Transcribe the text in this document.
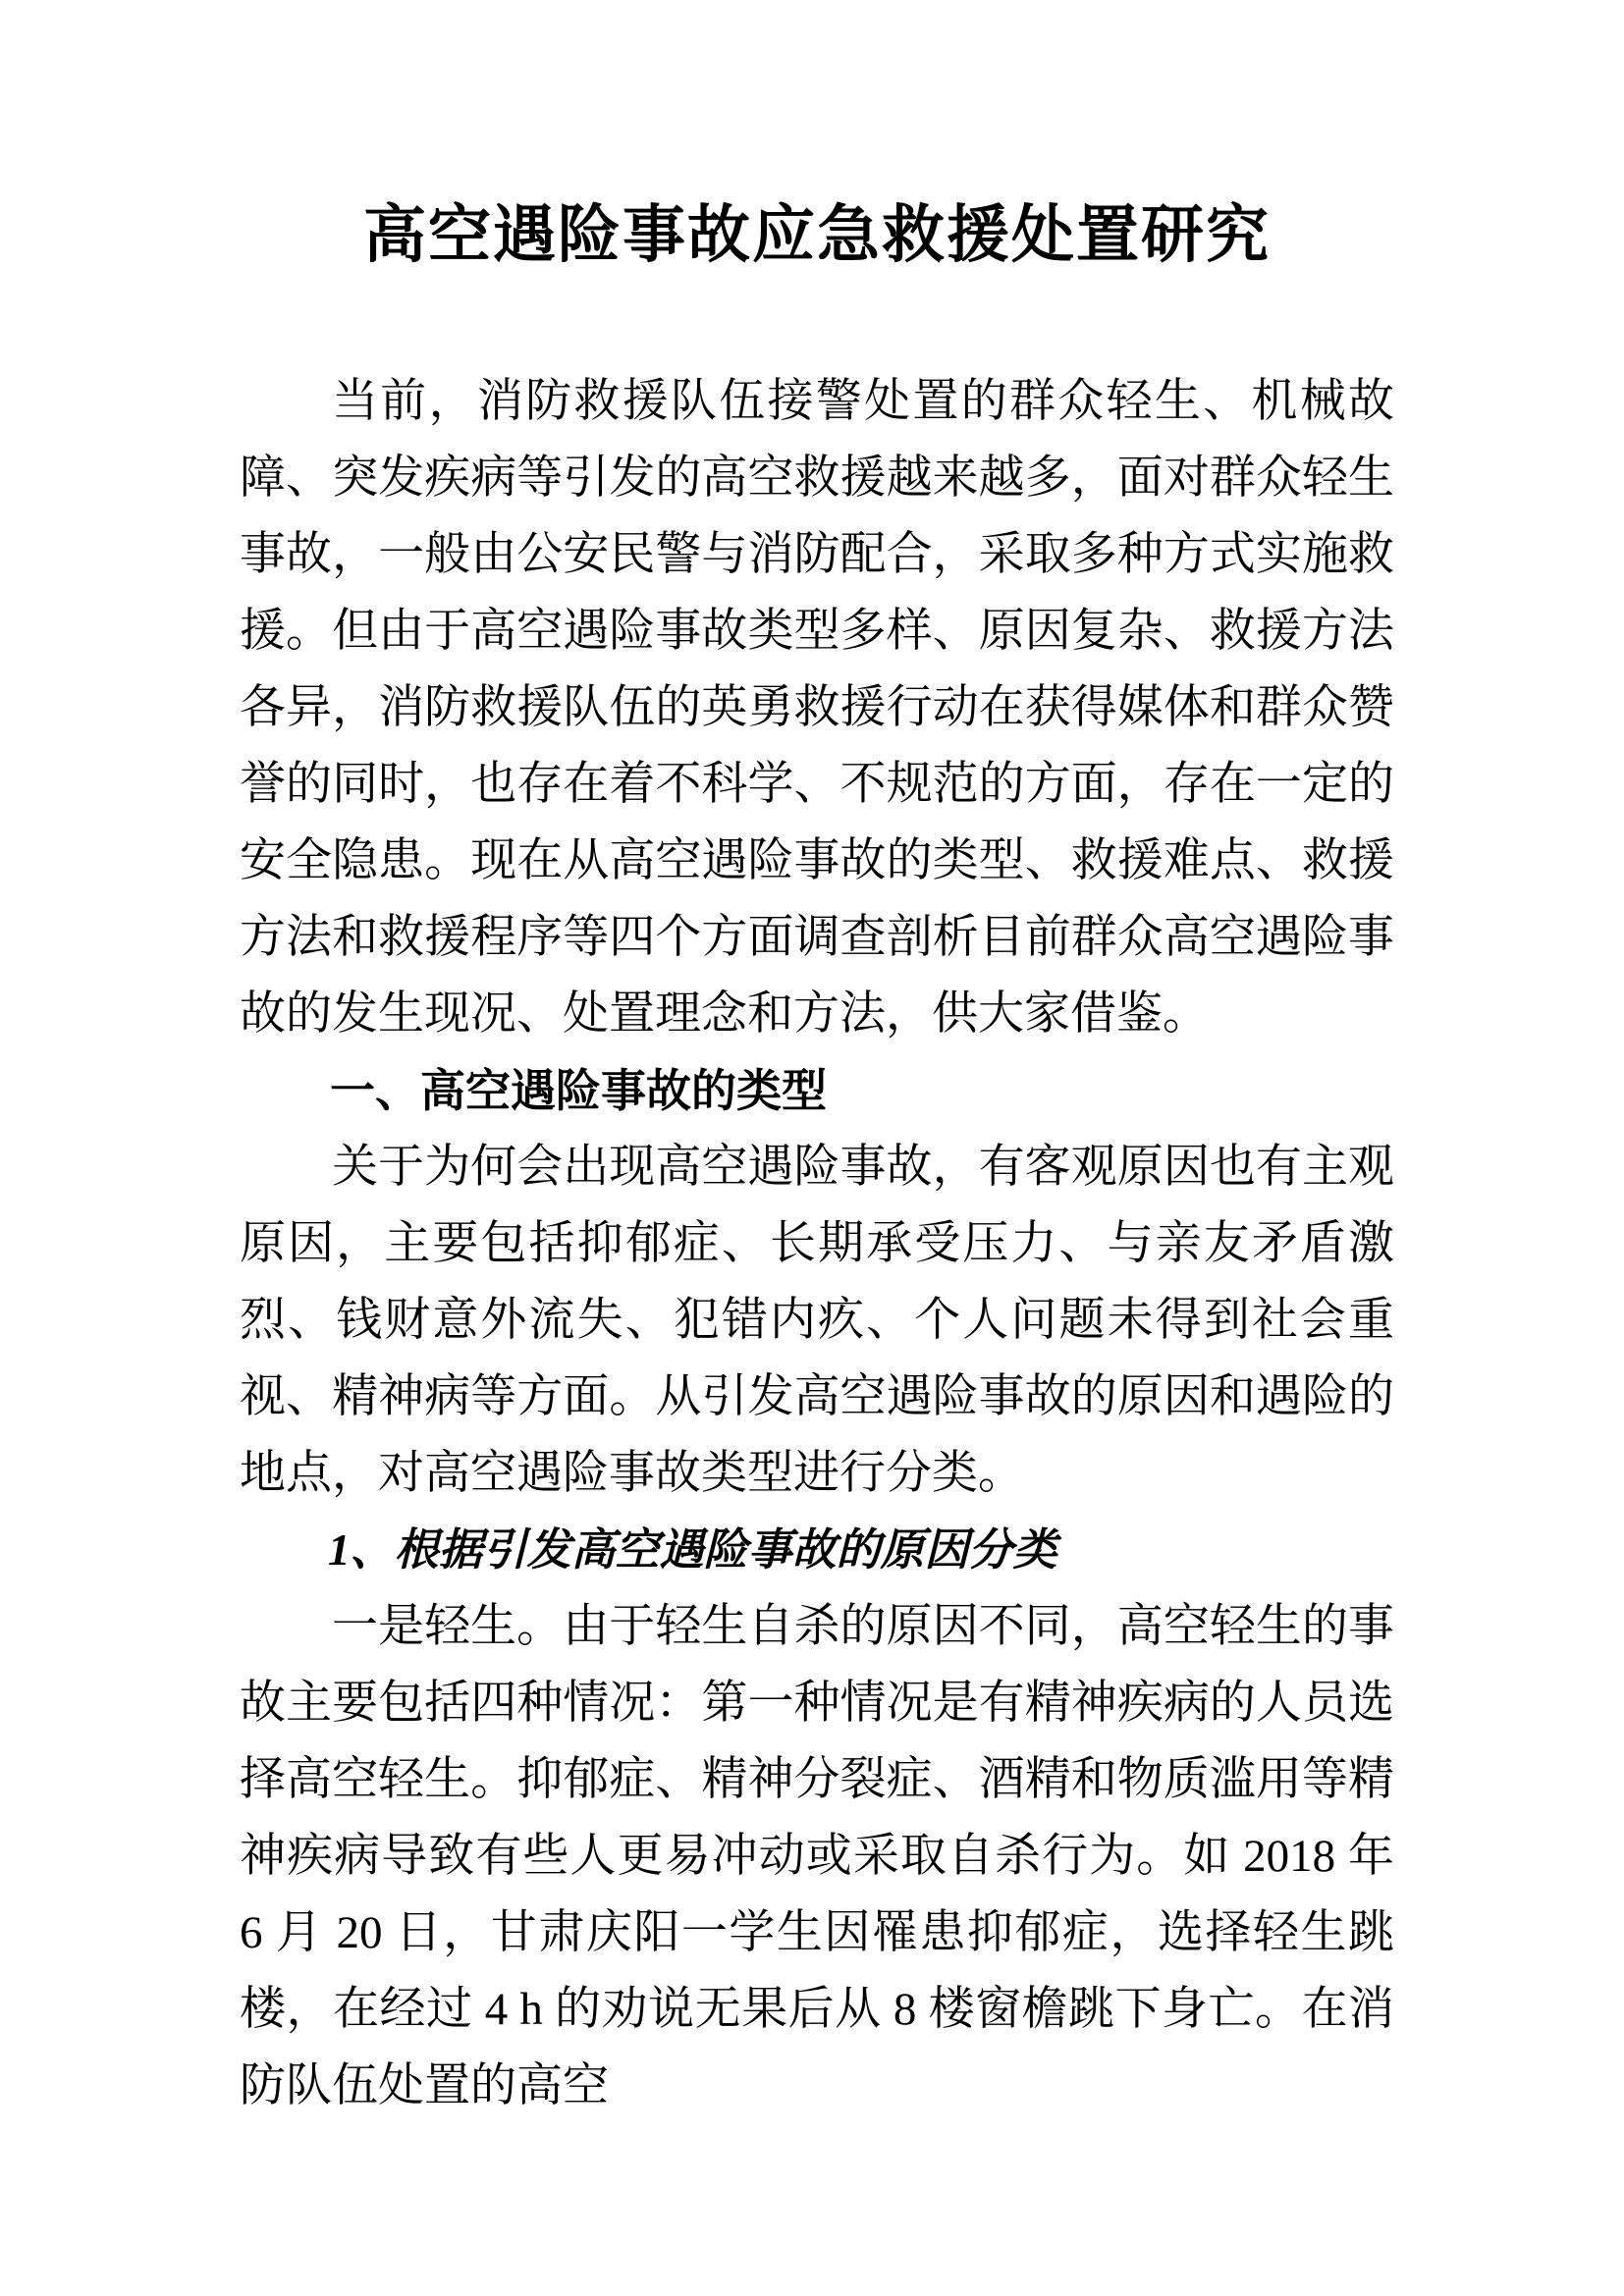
高空遇险事故应急救援处置研究

当前，消防救援队伍接警处置的群众轻生、机械故障、突发疾病等引发的高空救援越来越多，面对群众轻生事故，一般由公安民警与消防配合，采取多种方式实施救援。但由于高空遇险事故类型多样、原因复杂、救援方法各异，消防救援队伍的英勇救援行动在获得媒体和群众赞誉的同时，也存在着不科学、不规范的方面，存在一定的安全隐患。现在从高空遇险事故的类型、救援难点、救援方法和救援程序等四个方面调查剖析目前群众高空遇险事故的发生现况、处置理念和方法，供大家借鉴。

一、高空遇险事故的类型

关于为何会出现高空遇险事故，有客观原因也有主观原因，主要包括抑郁症、长期承受压力、与亲友矛盾激烈、钱财意外流失、犯错内疚、个人问题未得到社会重视、精神病等方面。从引发高空遇险事故的原因和遇险的地点，对高空遇险事故类型进行分类。

1、根据引发高空遇险事故的原因分类

一是轻生。由于轻生自杀的原因不同，高空轻生的事故主要包括四种情况：第一种情况是有精神疾病的人员选择高空轻生。抑郁症、精神分裂症、酒精和物质滥用等精神疾病导致有些人更易冲动或采取自杀行为。如 2018 年 6 月 20 日，甘肃庆阳一学生因罹患抑郁症，选择轻生跳楼，在经过 4 h 的劝说无果后从 8 楼窗檐跳下身亡。在消防队伍处置的高空
